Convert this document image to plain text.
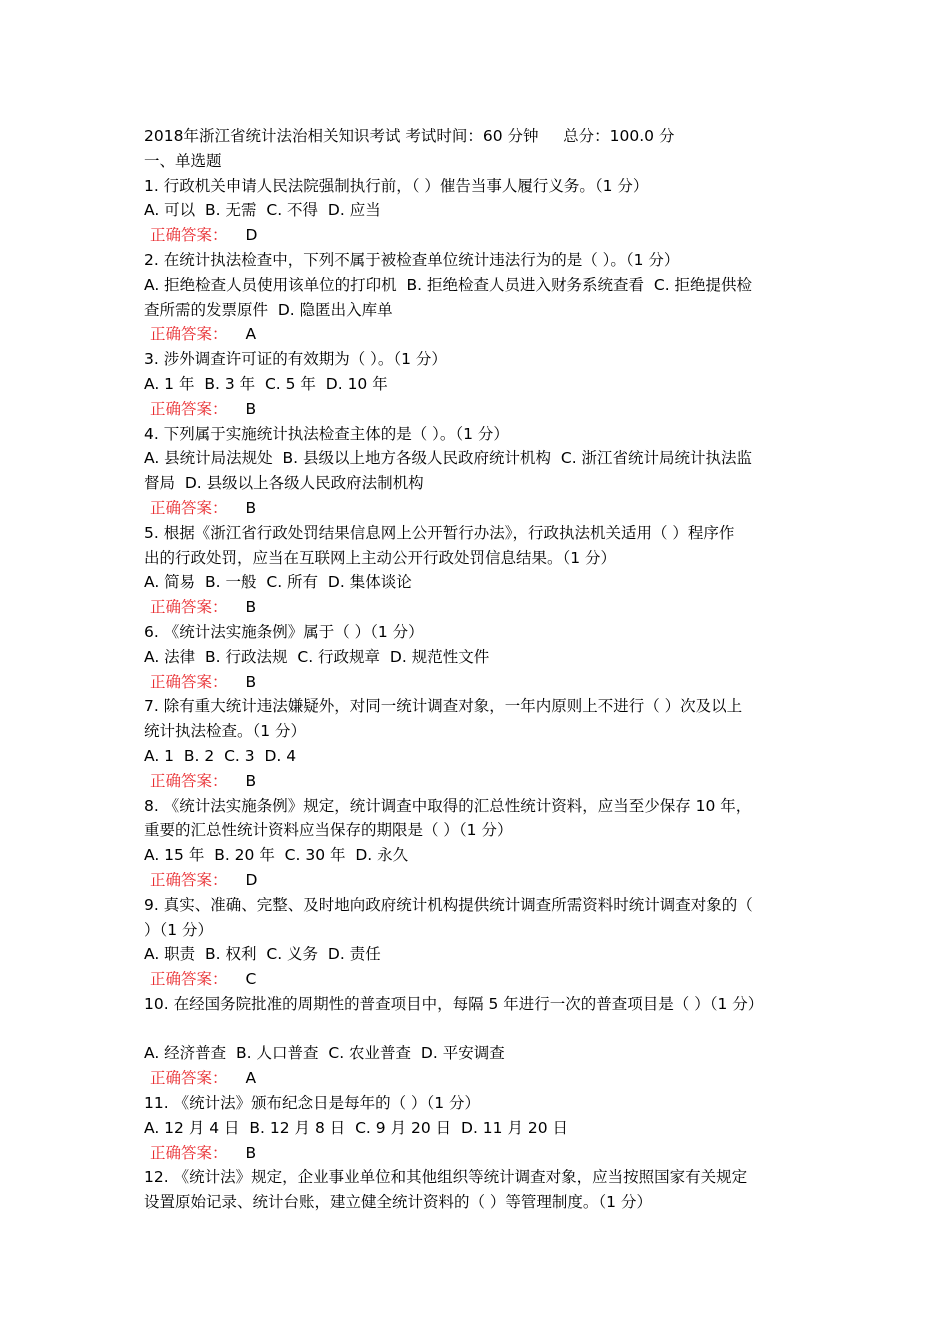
2018年浙江省统计法治相关知识考试 考试时间：60 分钟     总分：100.0 分

一、单选题

1. 行政机关申请人民法院强制执行前，（ ）催告当事人履行义务。（1 分）

A. 可以  B. 无需  C. 不得  D. 应当

正确答案： D

2. 在统计执法检查中，下列不属于被检查单位统计违法行为的是（ ）。（1 分）

A. 拒绝检查人员使用该单位的打印机  B. 拒绝检查人员进入财务系统查看  C. 拒绝提供检

查所需的发票原件  D. 隐匿出入库单

正确答案： A

3. 涉外调查许可证的有效期为（ ）。（1 分）

A. 1 年  B. 3 年  C. 5 年  D. 10 年

正确答案： B

4. 下列属于实施统计执法检查主体的是（ ）。（1 分）

A. 县统计局法规处  B. 县级以上地方各级人民政府统计机构  C. 浙江省统计局统计执法监

督局  D. 县级以上各级人民政府法制机构

正确答案： B

5. 根据《浙江省行政处罚结果信息网上公开暂行办法》，行政执法机关适用（ ）程序作

出的行政处罚，应当在互联网上主动公开行政处罚信息结果。（1 分）

A. 简易  B. 一般  C. 所有  D. 集体谈论

正确答案： B

6. 《统计法实施条例》属于（ ）（1 分）

A. 法律  B. 行政法规  C. 行政规章  D. 规范性文件

正确答案： B

7. 除有重大统计违法嫌疑外，对同一统计调查对象，一年内原则上不进行（ ）次及以上

统计执法检查。（1 分）

A. 1  B. 2  C. 3  D. 4

正确答案： B

8. 《统计法实施条例》规定，统计调查中取得的汇总性统计资料，应当至少保存 10 年，

重要的汇总性统计资料应当保存的期限是（ ）（1 分）

A. 15 年  B. 20 年  C. 30 年  D. 永久

正确答案： D

9. 真实、准确、完整、及时地向政府统计机构提供统计调查所需资料时统计调查对象的（

）（1 分）

A. 职责  B. 权利  C. 义务  D. 责任

正确答案： C

10. 在经国务院批准的周期性的普查项目中，每隔 5 年进行一次的普查项目是（ ）（1 分）

A. 经济普查  B. 人口普查  C. 农业普查  D. 平安调查

正确答案： A

11. 《统计法》颁布纪念日是每年的（ ）（1 分）

A. 12 月 4 日  B. 12 月 8 日  C. 9 月 20 日  D. 11 月 20 日

正确答案： B

12. 《统计法》规定，企业事业单位和其他组织等统计调查对象，应当按照国家有关规定

设置原始记录、统计台账，建立健全统计资料的（ ）等管理制度。（1 分）
